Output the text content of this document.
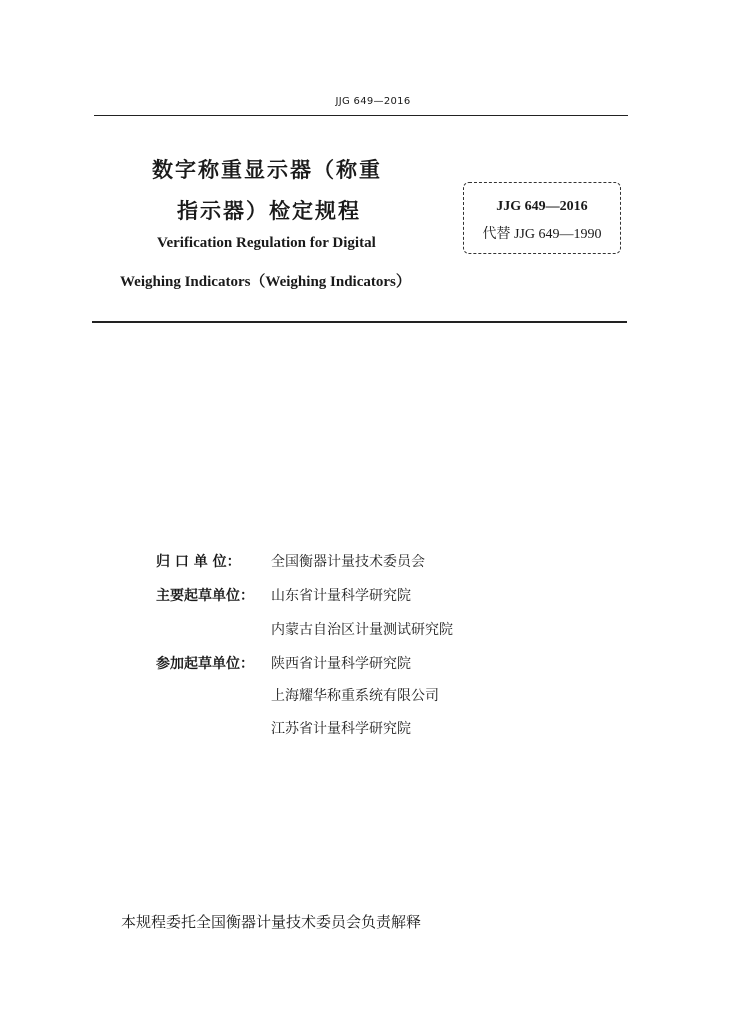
JJG 649—2016
数字称重显示器（称重
指示器）检定规程
Verification Regulation for Digital
Weighing Indicators（Weighing Indicators）
JJG 649—2016
代替 JJG 649—1990
归 口 单 位： 全国衡器计量技术委员会
主要起草单位： 山东省计量科学研究院
内蒙古自治区计量测试研究院
参加起草单位： 陕西省计量科学研究院
上海耀华称重系统有限公司
江苏省计量科学研究院
本规程委托全国衡器计量技术委员会负责解释
